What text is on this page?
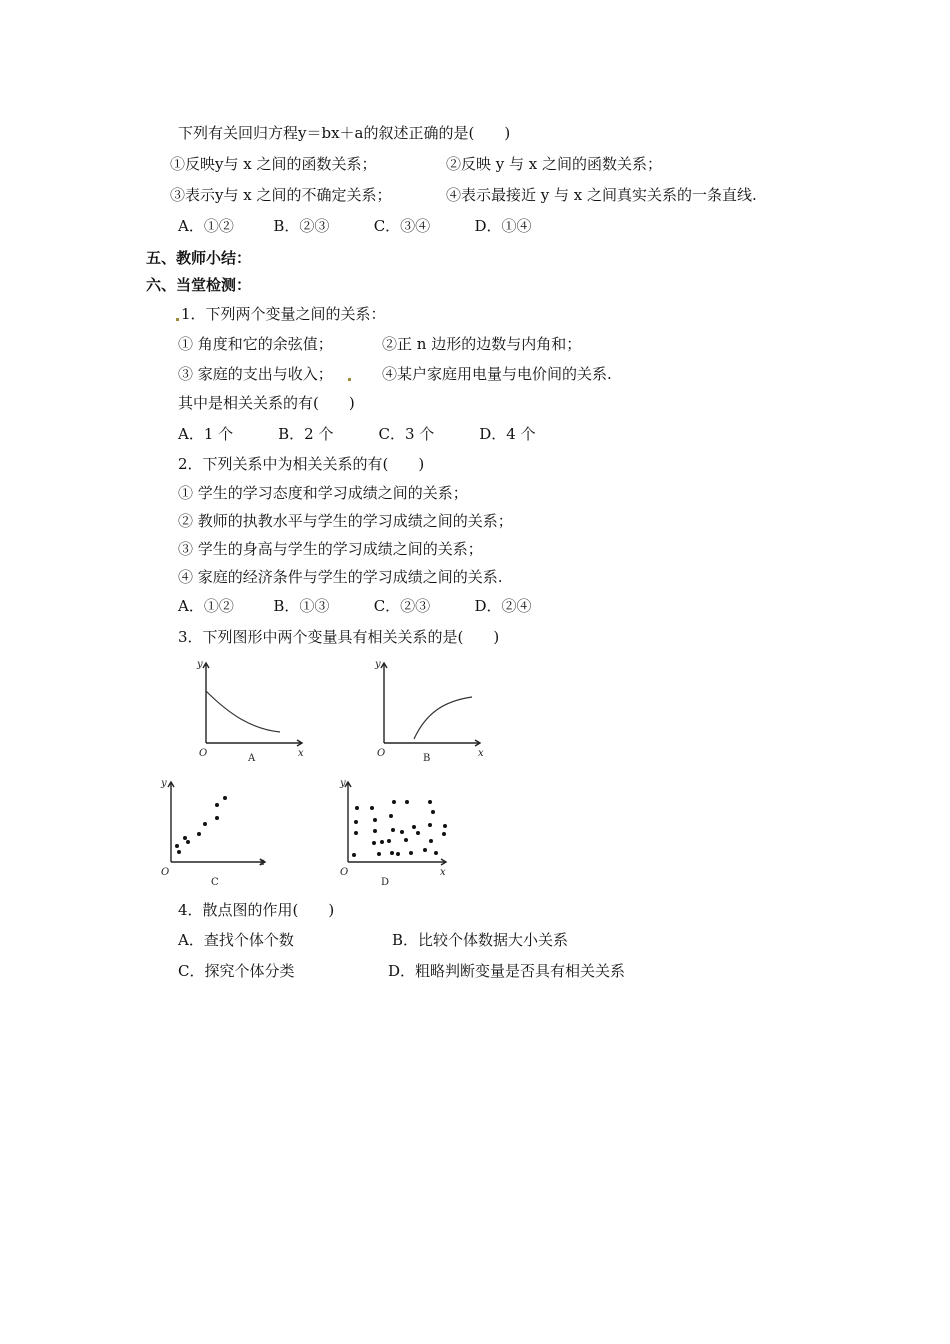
下列有关回归方程y＝bx＋a的叙述正确的是(　　)
①反映y与 x 之间的函数关系；	②反映 y 与 x 之间的函数关系；
③表示y与 x 之间的不确定关系；	④表示最接近 y 与 x 之间真实关系的一条直线.
A．①②　　  B．②③　　   C．③④　　   D．①④
五、教师小结：
六、当堂检测：
1．下列两个变量之间的关系：
① 角度和它的余弦值；	②正 n 边形的边数与内角和；
③ 家庭的支出与收入；	④某户家庭用电量与电价间的关系.
其中是相关关系的有(　　)
A．1 个　　　B．2 个　　　C．3 个　　　D．4 个
2．下列关系中为相关关系的有(　　)
① 学生的学习态度和学习成绩之间的关系；
② 教师的执教水平与学生的学习成绩之间的关系；
③ 学生的身高与学生的学习成绩之间的关系；
④ 家庭的经济条件与学生的学习成绩之间的关系.
A．①②　　  B．①③　　   C．②③　　   D．②④
3．下列图形中两个变量具有相关关系的是(　　)
y
O	x
A
y
O	x
B
y
O
x
C
y
O	x
D
4．散点图的作用(　　)
A．查找个体个数	B．比较个体数据大小关系
C．探究个体分类	D．粗略判断变量是否具有相关关系
